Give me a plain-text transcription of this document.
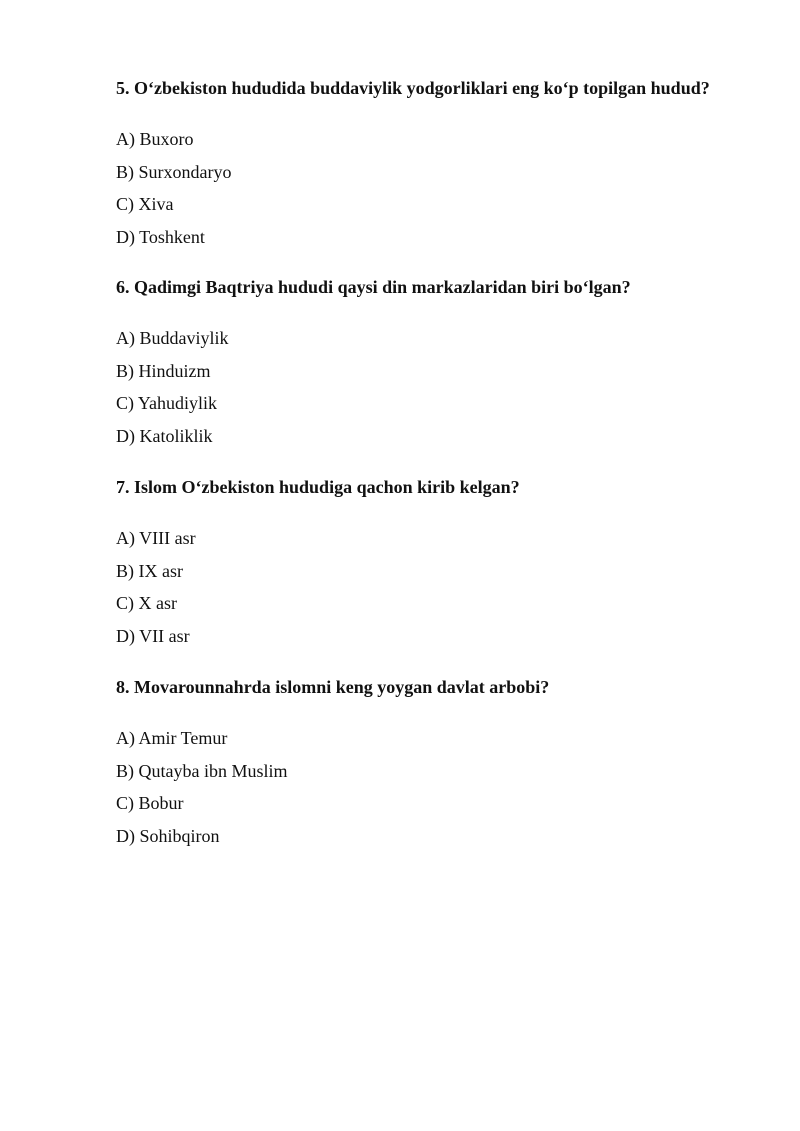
5. O‘zbekiston hududida buddaviylik yodgorliklari eng ko‘p topilgan hudud?

A) Buxoro
B) Surxondaryo
C) Xiva
D) Toshkent

6. Qadimgi Baqtriya hududi qaysi din markazlaridan biri bo‘lgan?

A) Buddaviylik
B) Hinduizm
C) Yahudiylik
D) Katoliklik

7. Islom O‘zbekiston hududiga qachon kirib kelgan?

A) VIII asr
B) IX asr
C) X asr
D) VII asr

8. Movarounnahrda islomni keng yoygan davlat arbobi?

A) Amir Temur
B) Qutayba ibn Muslim
C) Bobur
D) Sohibqiron
